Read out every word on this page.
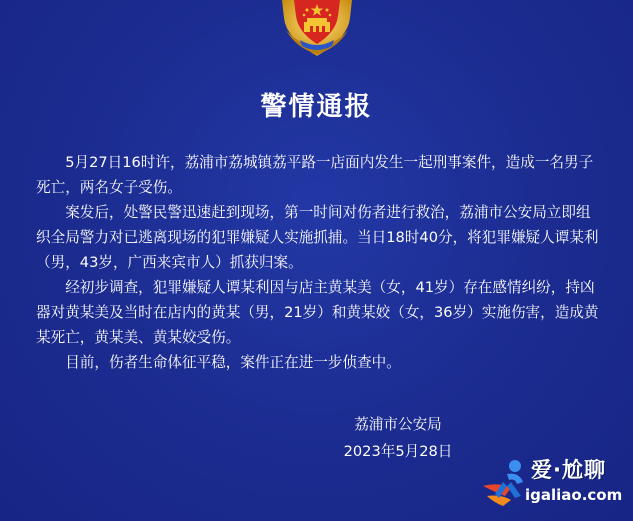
警情通报

5月27日16时许，荔浦市荔城镇荔平路一店面内发生一起刑事案件，造成一名男子死亡，两名女子受伤。

案发后，处警民警迅速赶到现场，第一时间对伤者进行救治，荔浦市公安局立即组织全局警力对已逃离现场的犯罪嫌疑人实施抓捕。当日18时40分，将犯罪嫌疑人谭某利（男，43岁，广西来宾市人）抓获归案。

经初步调查，犯罪嫌疑人谭某利因与店主黄某美（女，41岁）存在感情纠纷，持凶器对黄某美及当时在店内的黄某（男，21岁）和黄某姣（女，36岁）实施伤害，造成黄某死亡，黄某美、黄某姣受伤。

目前，伤者生命体征平稳，案件正在进一步侦查中。

荔浦市公安局
2023年5月28日
爱·尬聊
igaliao.com
